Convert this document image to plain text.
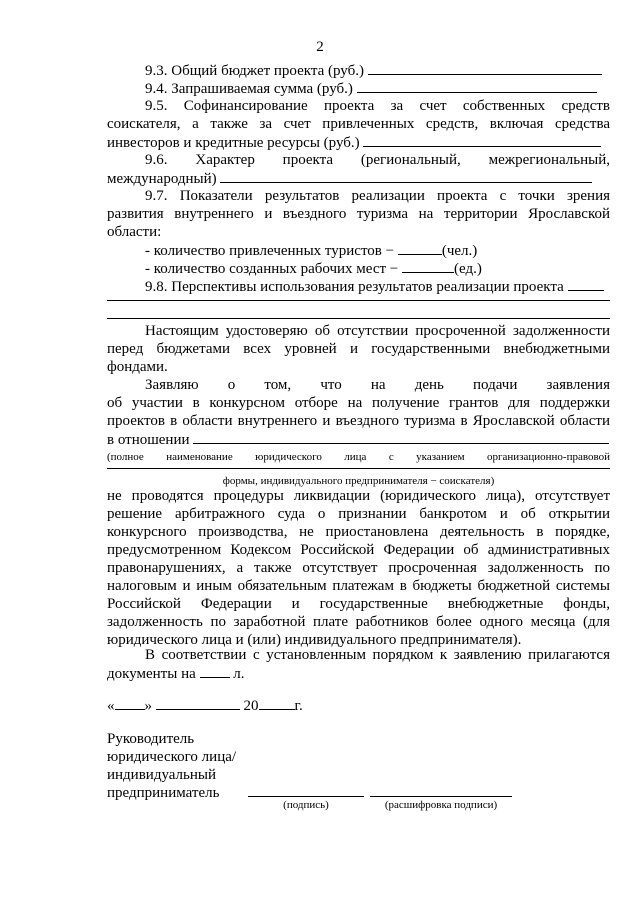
2
9.3. Общий бюджет проекта (руб.)
9.4. Запрашиваемая сумма (руб.)
9.5. Софинансирование проекта за счет собственных средств
соискателя, а также за счет привлеченных средств, включая средства
инвесторов и кредитные ресурсы (руб.)
9.6. Характер проекта (региональный, межрегиональный,
международный)
9.7. Показатели результатов реализации проекта с точки зрения
развития внутреннего и въездного туризма на территории Ярославской
области:
- количество привлеченных туристов −	(чел.)
- количество созданных рабочих мест −	(ед.)
9.8. Перспективы использования результатов реализации проекта
Настоящим удостоверяю об отсутствии просроченной задолженности
перед бюджетами всех уровней и государственными внебюджетными
фондами.
Заявляю о том, что на день подачи заявления
об участии в конкурсном отборе на получение грантов для поддержки
проектов в области внутреннего и въездного туризма в Ярославской области
в отношении
(полное наименование юридического лица с указанием организационно-правовой
формы, индивидуального предпринимателя − соискателя)
не проводятся процедуры ликвидации (юридического лица), отсутствует
решение арбитражного суда о признании банкротом и об открытии
конкурсного производства, не приостановлена деятельность в порядке,
предусмотренном Кодексом Российской Федерации об административных
правонарушениях, а также отсутствует просроченная задолженность по
налоговым и иным обязательным платежам в бюджеты бюджетной системы
Российской Федерации и государственные внебюджетные фонды,
задолженность по заработной плате работников более одного месяца (для
юридического лица и (или) индивидуального предпринимателя).
В соответствии с установленным порядком к заявлению прилагаются
документы на	л.
« »	20 г.
Руководитель
юридического лица/
индивидуальный
предприниматель
(подпись)	(расшифровка подписи)
